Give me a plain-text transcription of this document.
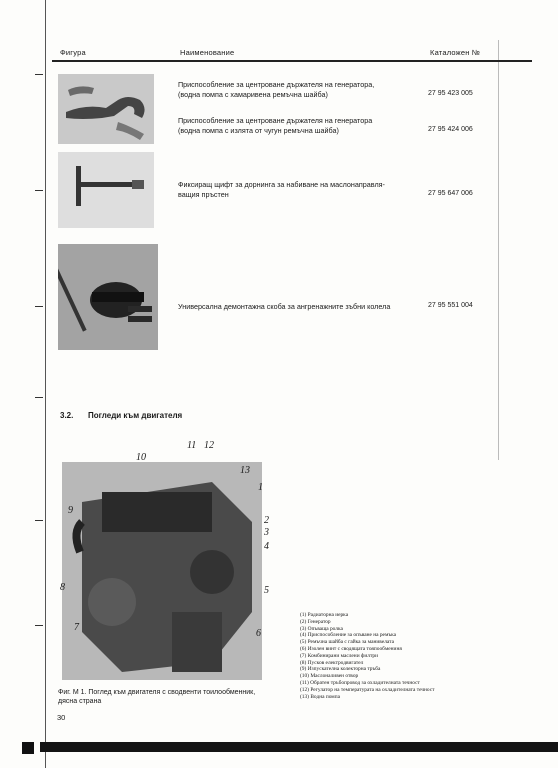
Фигура	Наименование	Каталожен №
Приспособление за центроване държателя на генератора,
(водна помпа с хамаривена ремъчна шайба)	27 95 423 005
Приспособление за центроване държателя на генератора
(водна помпа с излята от чугун ремъчна шайба)	27 95 424 006
Фиксиращ щифт за дорнинга за набиване на маслонаправля-
ващия пръстен	27 95 647 006
Универсална демонтажна скоба за ангренажните зъбни колела	27 95 551 004
3.2. Погледи към двигателя
10
11 12
13
1
2
3
4
5
6
7
8
9
(1) Радиаторна иерка
(2) Генератор
(3) Опъваща ролка
(4) Приспособление за опъване на ремъка
(5) Ремъчна шайба с гайка за манивелата
(6) Изолен винт с сводящата тояпообмениня
(7) Комбинирани маслени филтри
(8) Пусков електродвигател
(9) Изпускателна колекторна тръба
(10) Маслоналивен отвор
(11) Обратен тръбопровод за охладителната течност
(12) Регулатор на температурата на охладителната течност
(13) Водна помпа
Фиг. М 1. Поглед към двигателя с сводвенти тоилообменник,
дясна страна
30
